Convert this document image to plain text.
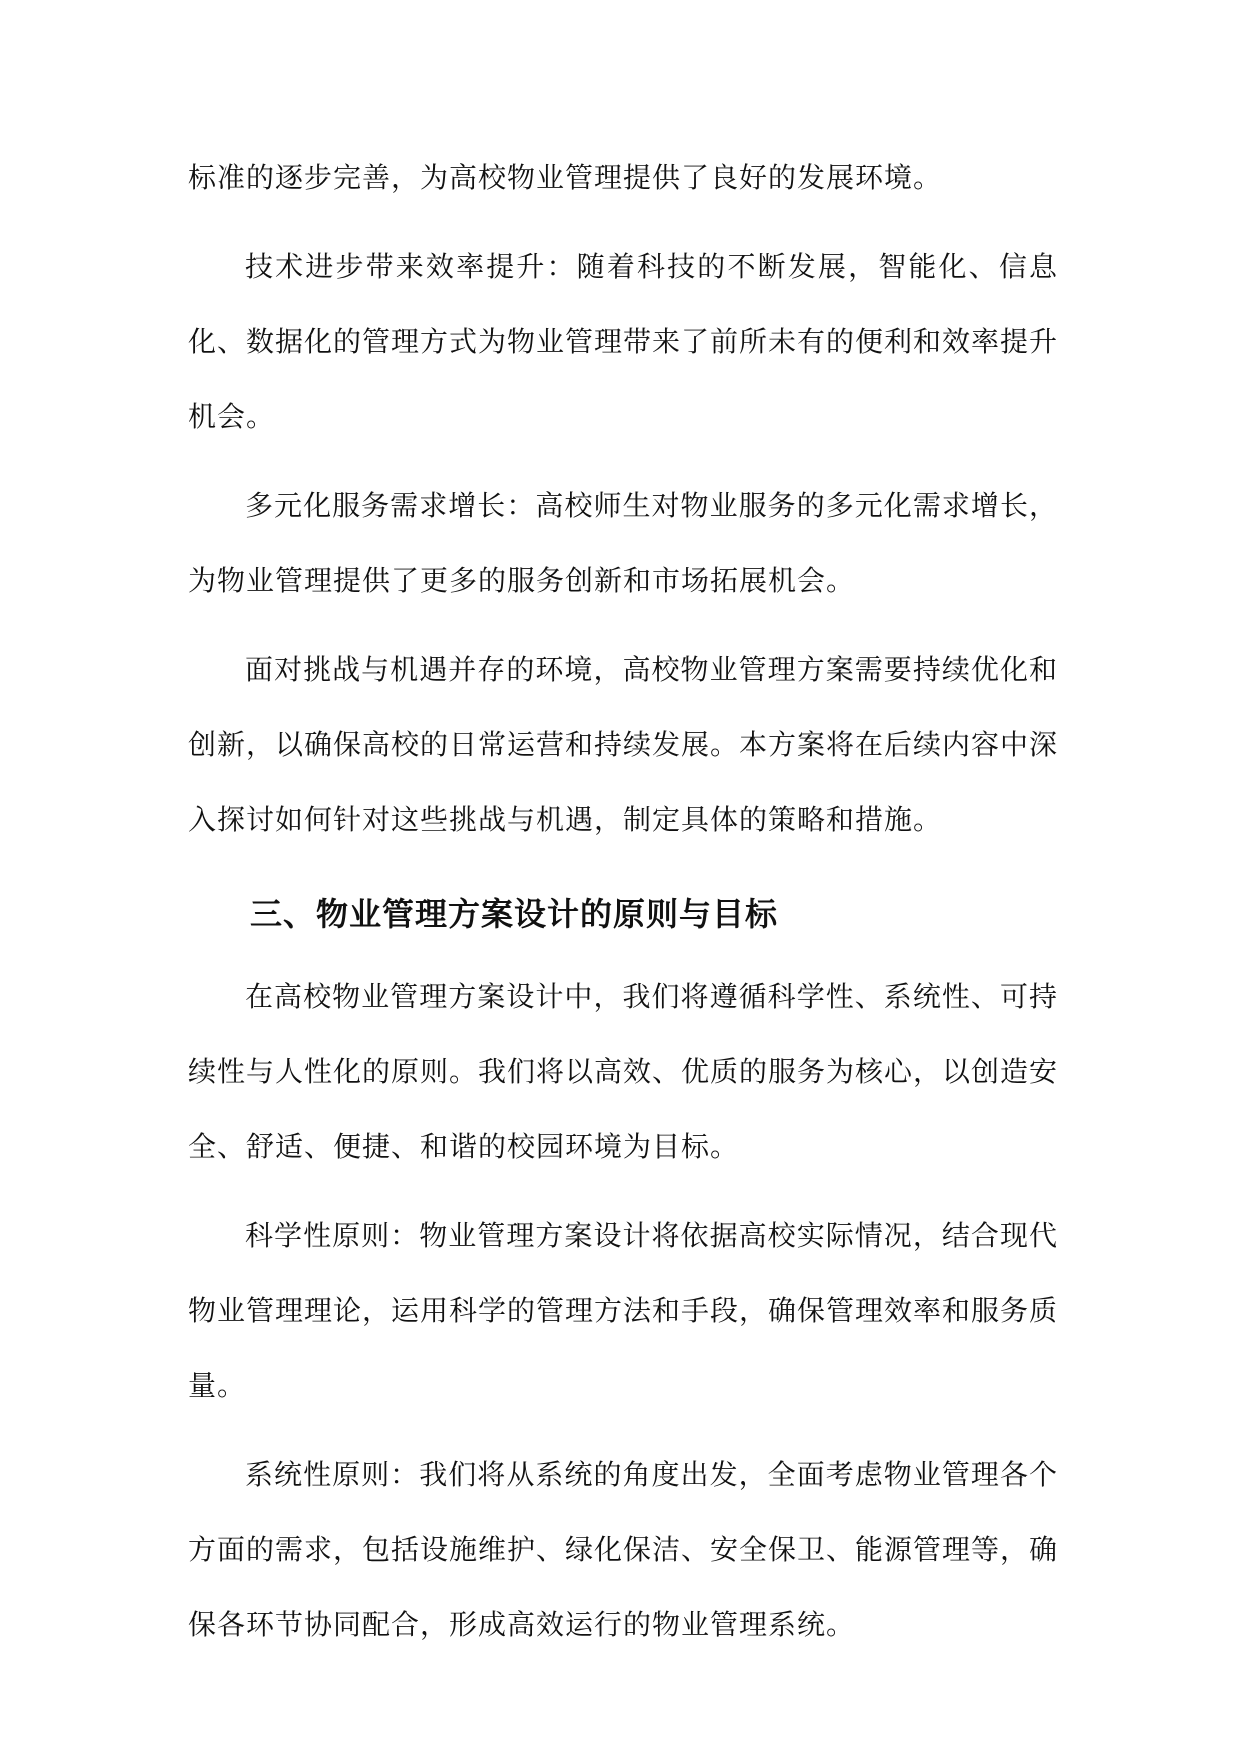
标准的逐步完善，为高校物业管理提供了良好的发展环境。

技术进步带来效率提升：随着科技的不断发展，智能化、信息化、数据化的管理方式为物业管理带来了前所未有的便利和效率提升机会。

多元化服务需求增长：高校师生对物业服务的多元化需求增长，为物业管理提供了更多的服务创新和市场拓展机会。

面对挑战与机遇并存的环境，高校物业管理方案需要持续优化和创新，以确保高校的日常运营和持续发展。本方案将在后续内容中深入探讨如何针对这些挑战与机遇，制定具体的策略和措施。

三、物业管理方案设计的原则与目标

在高校物业管理方案设计中，我们将遵循科学性、系统性、可持续性与人性化的原则。我们将以高效、优质的服务为核心，以创造安全、舒适、便捷、和谐的校园环境为目标。

科学性原则：物业管理方案设计将依据高校实际情况，结合现代物业管理理论，运用科学的管理方法和手段，确保管理效率和服务质量。

系统性原则：我们将从系统的角度出发，全面考虑物业管理各个方面的需求，包括设施维护、绿化保洁、安全保卫、能源管理等，确保各环节协同配合，形成高效运行的物业管理系统。
